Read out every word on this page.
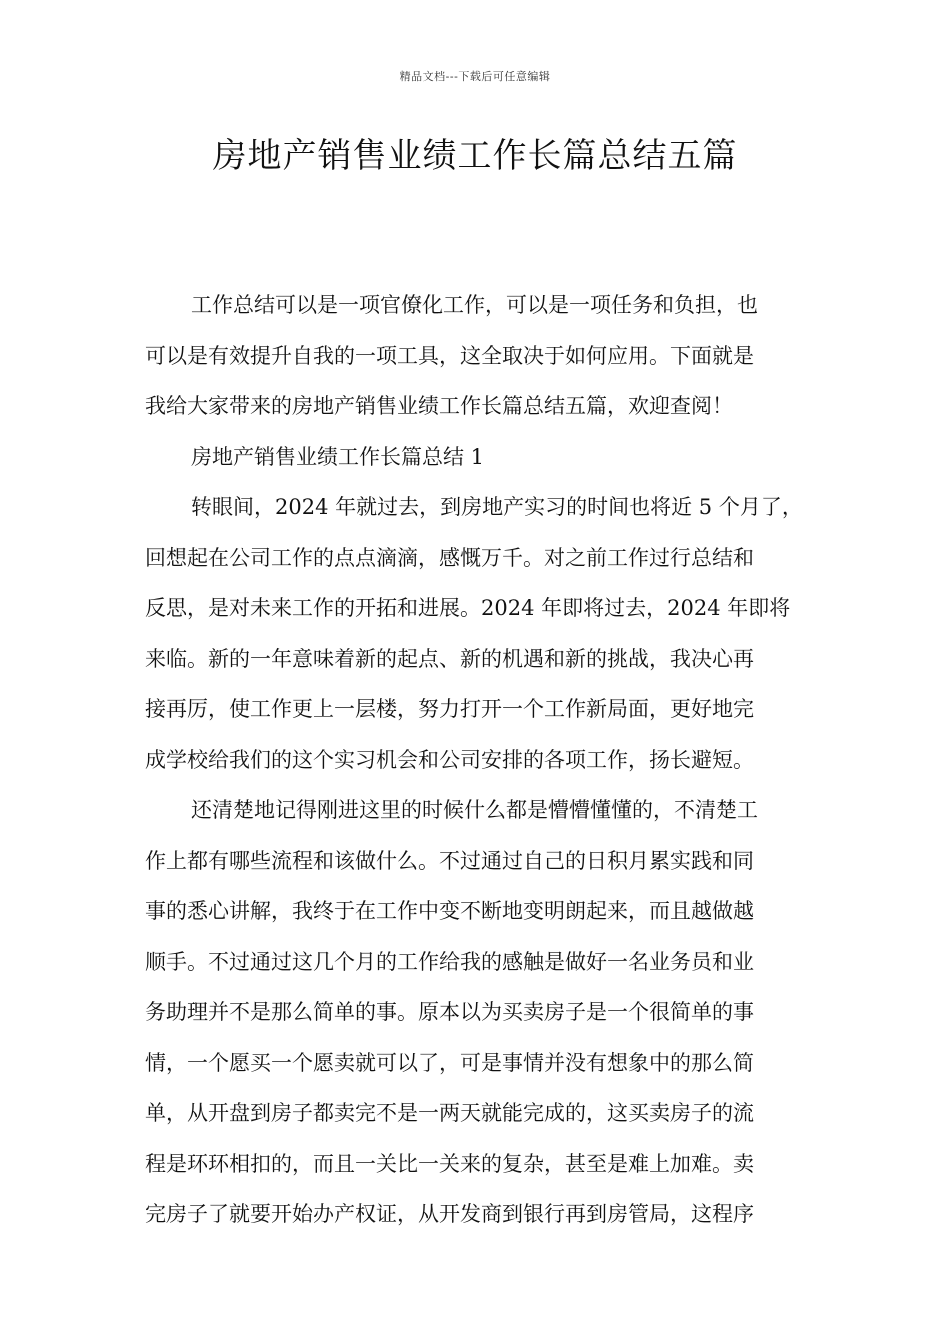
精品文档---下载后可任意编辑
房地产销售业绩工作长篇总结五篇

工作总结可以是一项官僚化工作，可以是一项任务和负担，也
可以是有效提升自我的一项工具，这全取决于如何应用。下面就是
我给大家带来的房地产销售业绩工作长篇总结五篇，欢迎查阅！

房地产销售业绩工作长篇总结 1

转眼间，2024 年就过去，到房地产实习的时间也将近 5 个月了，
回想起在公司工作的点点滴滴，感慨万千。对之前工作过行总结和
反思，是对未来工作的开拓和进展。2024 年即将过去，2024 年即将
来临。新的一年意味着新的起点、新的机遇和新的挑战，我决心再
接再厉，使工作更上一层楼，努力打开一个工作新局面，更好地完
成学校给我们的这个实习机会和公司安排的各项工作，扬长避短。

还清楚地记得刚进这里的时候什么都是懵懵懂懂的，不清楚工
作上都有哪些流程和该做什么。不过通过自己的日积月累实践和同
事的悉心讲解，我终于在工作中变不断地变明朗起来，而且越做越
顺手。不过通过这几个月的工作给我的感触是做好一名业务员和业
务助理并不是那么简单的事。原本以为买卖房子是一个很简单的事
情，一个愿买一个愿卖就可以了，可是事情并没有想象中的那么简
单，从开盘到房子都卖完不是一两天就能完成的，这买卖房子的流
程是环环相扣的，而且一关比一关来的复杂，甚至是难上加难。卖
完房子了就要开始办产权证，从开发商到银行再到房管局，这程序
